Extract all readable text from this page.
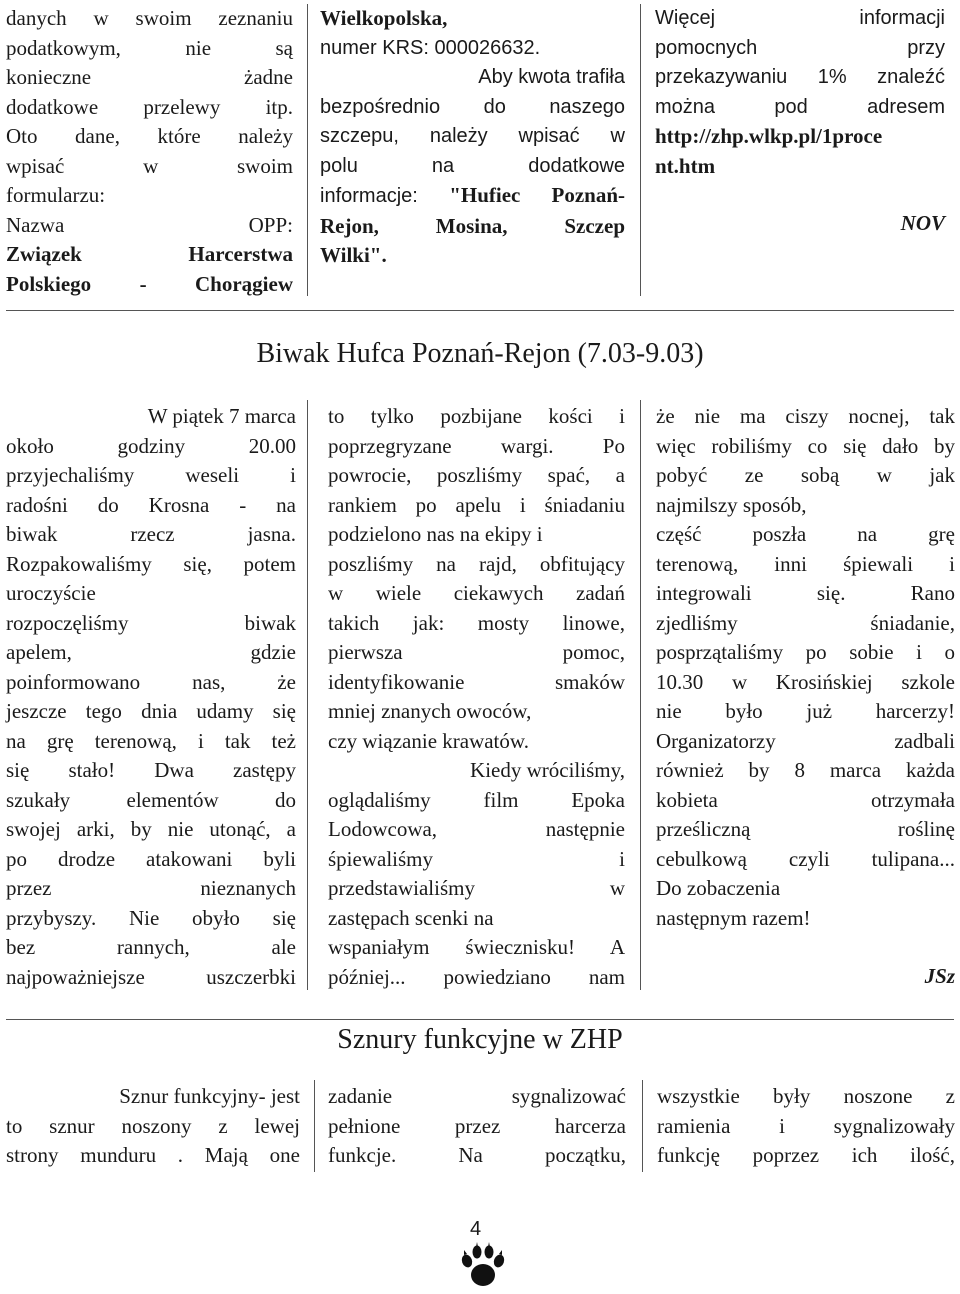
danych w swoim zeznaniu
podatkowym, nie są
konieczne żadne
dodatkowe przelewy itp.
Oto dane, które należy
wpisać w swoim
formularzu:
Nazwa OPP:
Związek Harcerstwa
Polskiego - Chorągiew
Wielkopolska,
numer KRS: 000026632.
Aby kwota trafiła
bezpośrednio do naszego
szczepu, należy wpisać w
polu na dodatkowe
informacje: "Hufiec Poznań-
Rejon, Mosina, Szczep
Wilki".
Więcej informacji
pomocnych przy
przekazywaniu 1% znaleźć
można pod adresem
http://zhp.wlkp.pl/1proce
nt.htm
NOV
Biwak Hufca Poznań-Rejon (7.03-9.03)
W piątek 7 marca
około godziny 20.00
przyjechaliśmy weseli i
radośni do Krosna - na
biwak rzecz jasna.
Rozpakowaliśmy się, potem
uroczyście
rozpoczęliśmy biwak
apelem, gdzie
poinformowano nas, że
jeszcze tego dnia udamy się
na grę terenową, i tak też
się stało! Dwa zastępy
szukały elementów do
swojej arki, by nie utonąć, a
po drodze atakowani byli
przez nieznanych
przybyszy. Nie obyło się
bez rannych, ale
najpoważniejsze uszczerbki
to tylko pozbijane kości i
poprzegryzane wargi. Po
powrocie, poszliśmy spać, a
rankiem po apelu i śniadaniu
podzielono nas na ekipy i
poszliśmy na rajd, obfitujący
w wiele ciekawych zadań
takich jak: mosty linowe,
pierwsza pomoc,
identyfikowanie smaków
mniej znanych owoców,
czy wiązanie krawatów.
Kiedy wróciliśmy,
oglądaliśmy film Epoka
Lodowcowa, następnie
śpiewaliśmy i
przedstawialiśmy w
zastępach scenki na
wspaniałym świecznisku! A
później... powiedziano nam
że nie ma ciszy nocnej, tak
więc robiliśmy co się dało by
pobyć ze sobą w jak
najmilszy sposób,
część poszła na grę
terenową, inni śpiewali i
integrowali się. Rano
zjedliśmy śniadanie,
posprzątaliśmy po sobie i o
10.30 w Krosińskiej szkole
nie było już harcerzy!
Organizatorzy zadbali
również by 8 marca każda
kobieta otrzymała
prześliczną roślinę
cebulkową czyli tulipana...
Do zobaczenia
następnym razem!
JSz
Sznury funkcyjne w ZHP
Sznur funkcyjny- jest
to sznur noszony z lewej
strony munduru . Mają one
zadanie sygnalizować
pełnione przez harcerza
funkcje. Na początku,
wszystkie były noszone z
ramienia i sygnalizowały
funkcję poprzez ich ilość,
4
